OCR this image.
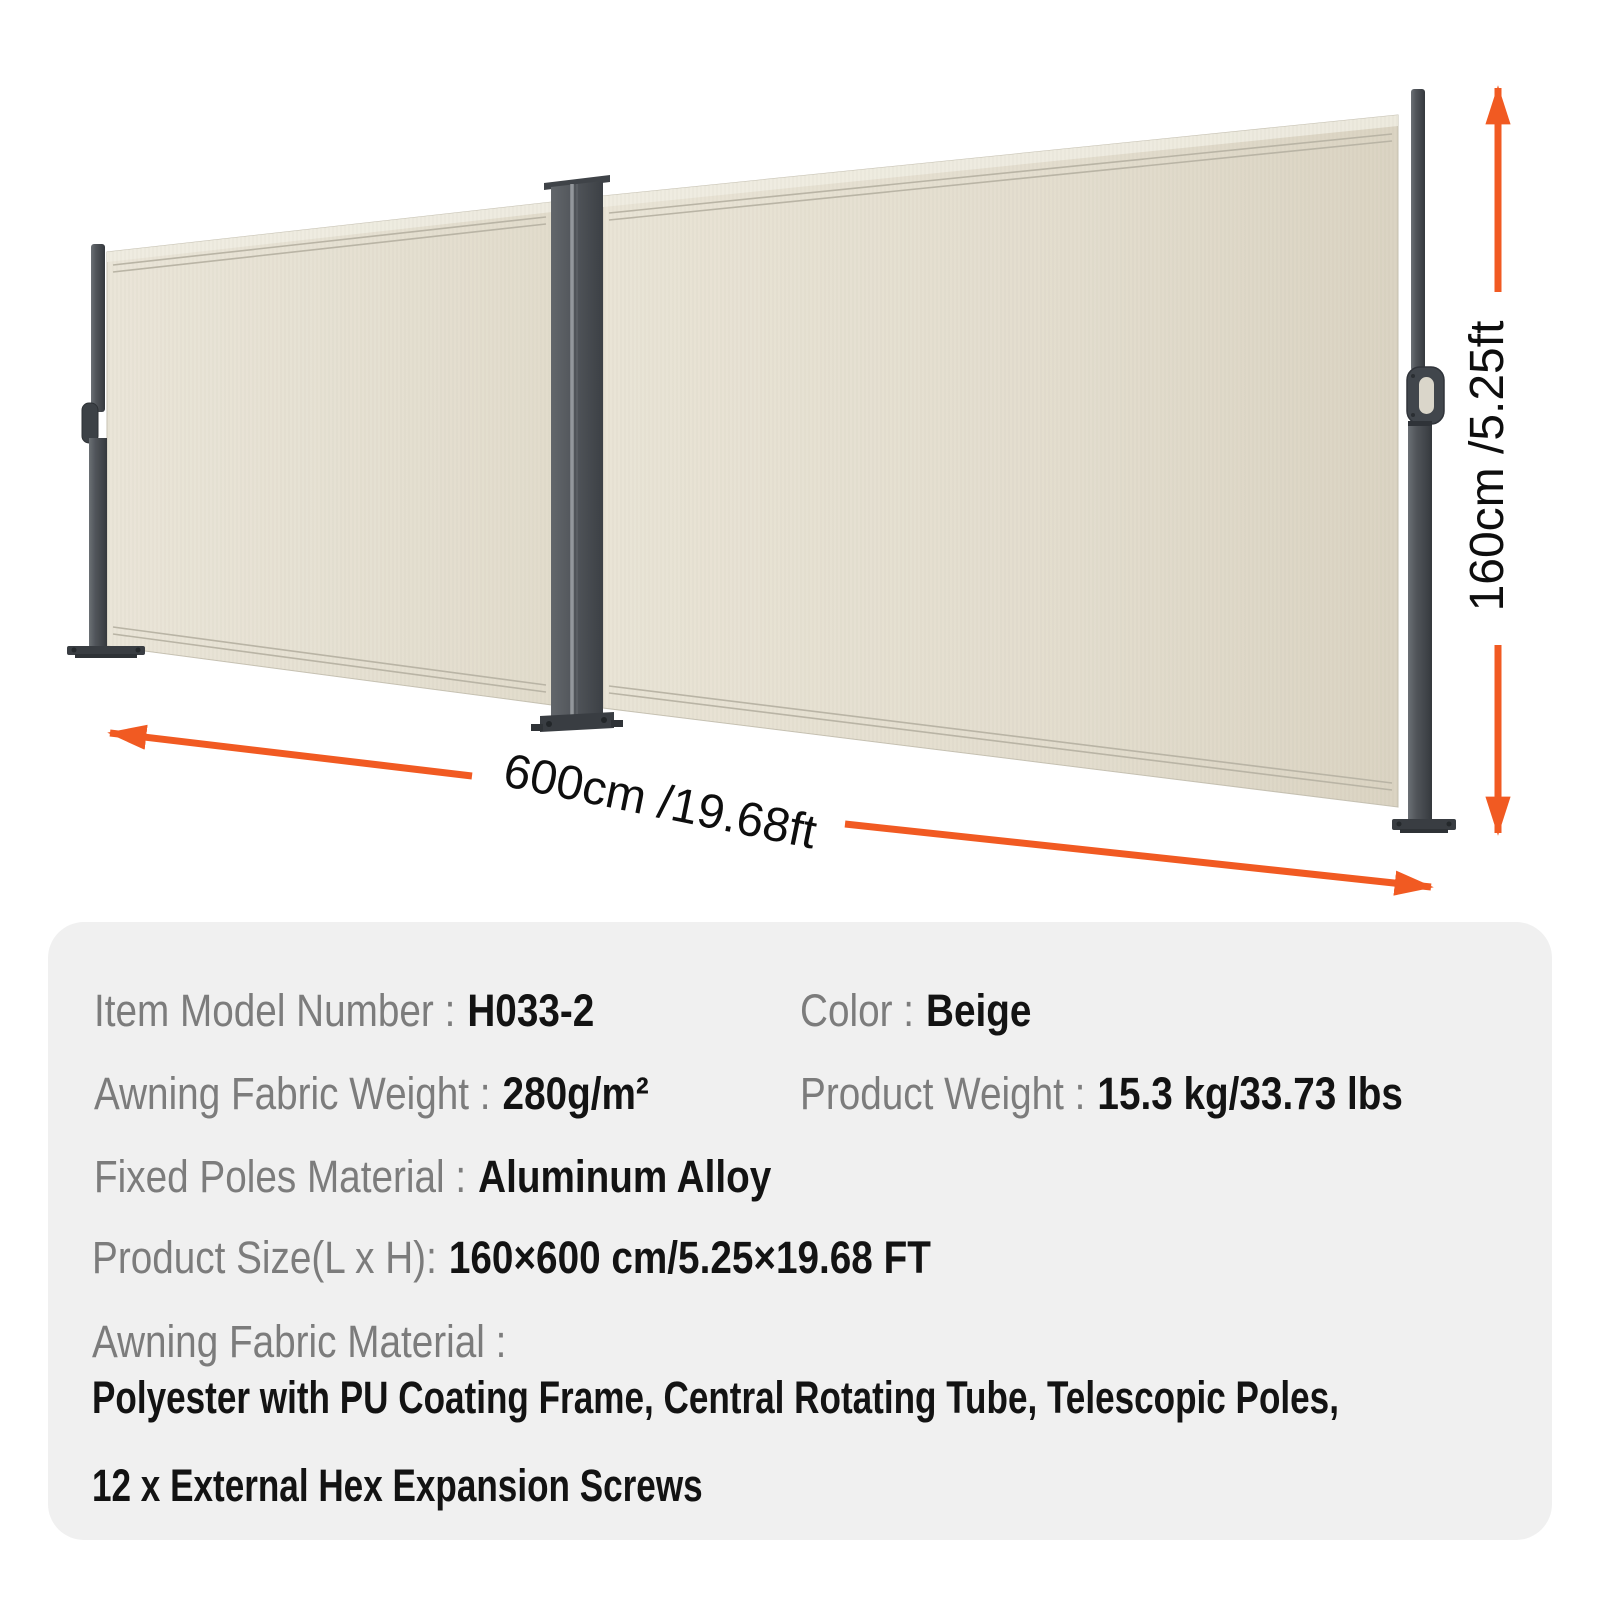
160cm /5.25ft
600cm /19.68ft
Item Model Number : H033-2	Color : Beige
Awning Fabric Weight : 280g/m²	Product Weight : 15.3 kg/33.73 lbs
Fixed Poles Material : Aluminum Alloy
Product Size(L x H): 160×600 cm/5.25×19.68 FT
Awning Fabric Material :
Polyester with PU Coating Frame, Central Rotating Tube, Telescopic Poles,
12 x External Hex Expansion Screws
